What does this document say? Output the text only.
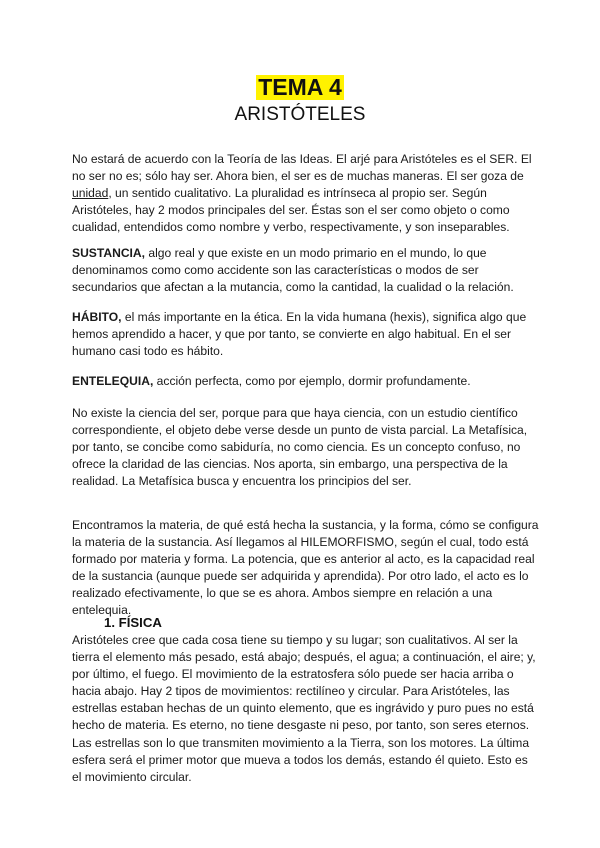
TEMA 4
ARISTÓTELES

No estará de acuerdo con la Teoría de las Ideas. El arjé para Aristóteles es el SER. El no ser no es; sólo hay ser. Ahora bien, el ser es de muchas maneras. El ser goza de unidad, un sentido cualitativo. La pluralidad es intrínseca al propio ser. Según Aristóteles, hay 2 modos principales del ser. Éstas son el ser como objeto o como cualidad, entendidos como nombre y verbo, respectivamente, y son inseparables.

SUSTANCIA, algo real y que existe en un modo primario en el mundo, lo que denominamos como como accidente son las características o modos de ser secundarios que afectan a la mutancia, como la cantidad, la cualidad o la relación.

HÁBITO, el más importante en la ética. En la vida humana (hexis), significa algo que hemos aprendido a hacer, y que por tanto, se convierte en algo habitual. En el ser humano casi todo es hábito.

ENTELEQUIA, acción perfecta, como por ejemplo, dormir profundamente.

No existe la ciencia del ser, porque para que haya ciencia, con un estudio científico correspondiente, el objeto debe verse desde un punto de vista parcial. La Metafísica, por tanto, se concibe como sabiduría, no como ciencia. Es un concepto confuso, no ofrece la claridad de las ciencias. Nos aporta, sin embargo, una perspectiva de la realidad. La Metafísica busca y encuentra los principios del ser.

Encontramos la materia, de qué está hecha la sustancia, y la forma, cómo se configura la materia de la sustancia. Así llegamos al HILEMORFISMO, según el cual, todo está formado por materia y forma. La potencia, que es anterior al acto, es la capacidad real de la sustancia (aunque puede ser adquirida y aprendida). Por otro lado, el acto es lo realizado efectivamente, lo que se es ahora. Ambos siempre en relación a una entelequia.

1. FÍSICA

Aristóteles cree que cada cosa tiene su tiempo y su lugar; son cualitativos. Al ser la tierra el elemento más pesado, está abajo; después, el agua; a continuación, el aire; y, por último, el fuego. El movimiento de la estratosfera sólo puede ser hacia arriba o hacia abajo. Hay 2 tipos de movimientos: rectilíneo y circular. Para Aristóteles, las estrellas estaban hechas de un quinto elemento, que es ingrávido y puro pues no está hecho de materia. Es eterno, no tiene desgaste ni peso, por tanto, son seres eternos. Las estrellas son lo que transmiten movimiento a la Tierra, son los motores. La última esfera será el primer motor que mueva a todos los demás, estando él quieto. Esto es el movimiento circular.
